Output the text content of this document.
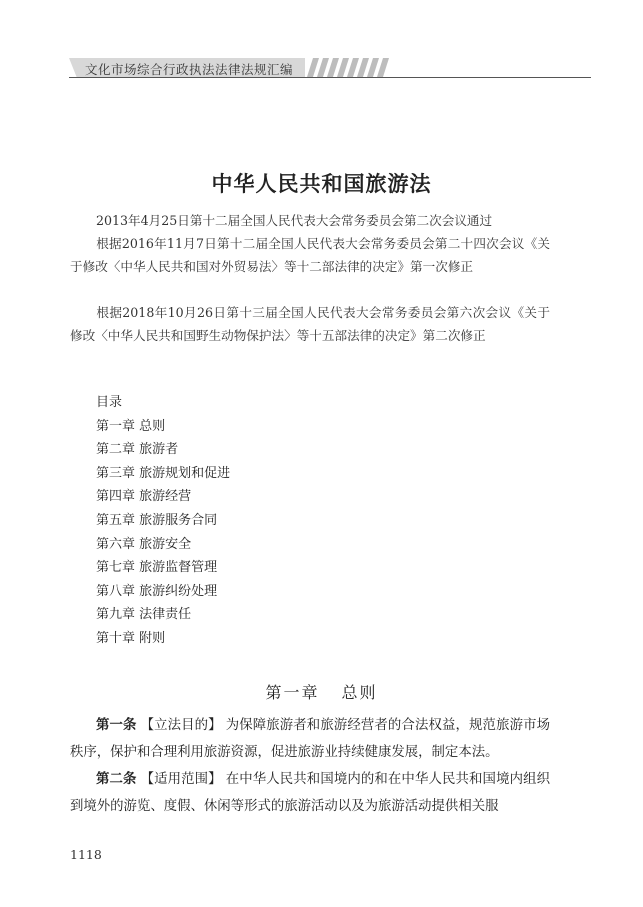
文化市场综合行政执法法律法规汇编
中华人民共和国旅游法
2013年4月25日第十二届全国人民代表大会常务委员会第二次会议通过
根据2016年11月7日第十二届全国人民代表大会常务委员会第二十四次会议《关于修改〈中华人民共和国对外贸易法〉等十二部法律的决定》第一次修正
根据2018年10月26日第十三届全国人民代表大会常务委员会第六次会议《关于修改〈中华人民共和国野生动物保护法〉等十五部法律的决定》第二次修正
目录
第一章 总则
第二章 旅游者
第三章 旅游规划和促进
第四章 旅游经营
第五章 旅游服务合同
第六章 旅游安全
第七章 旅游监督管理
第八章 旅游纠纷处理
第九章 法律责任
第十章 附则
第一章 总则
第一条 【立法目的】 为保障旅游者和旅游经营者的合法权益，规范旅游市场秩序，保护和合理利用旅游资源，促进旅游业持续健康发展，制定本法。
第二条 【适用范围】 在中华人民共和国境内的和在中华人民共和国境内组织到境外的游览、度假、休闲等形式的旅游活动以及为旅游活动提供相关服
1118
